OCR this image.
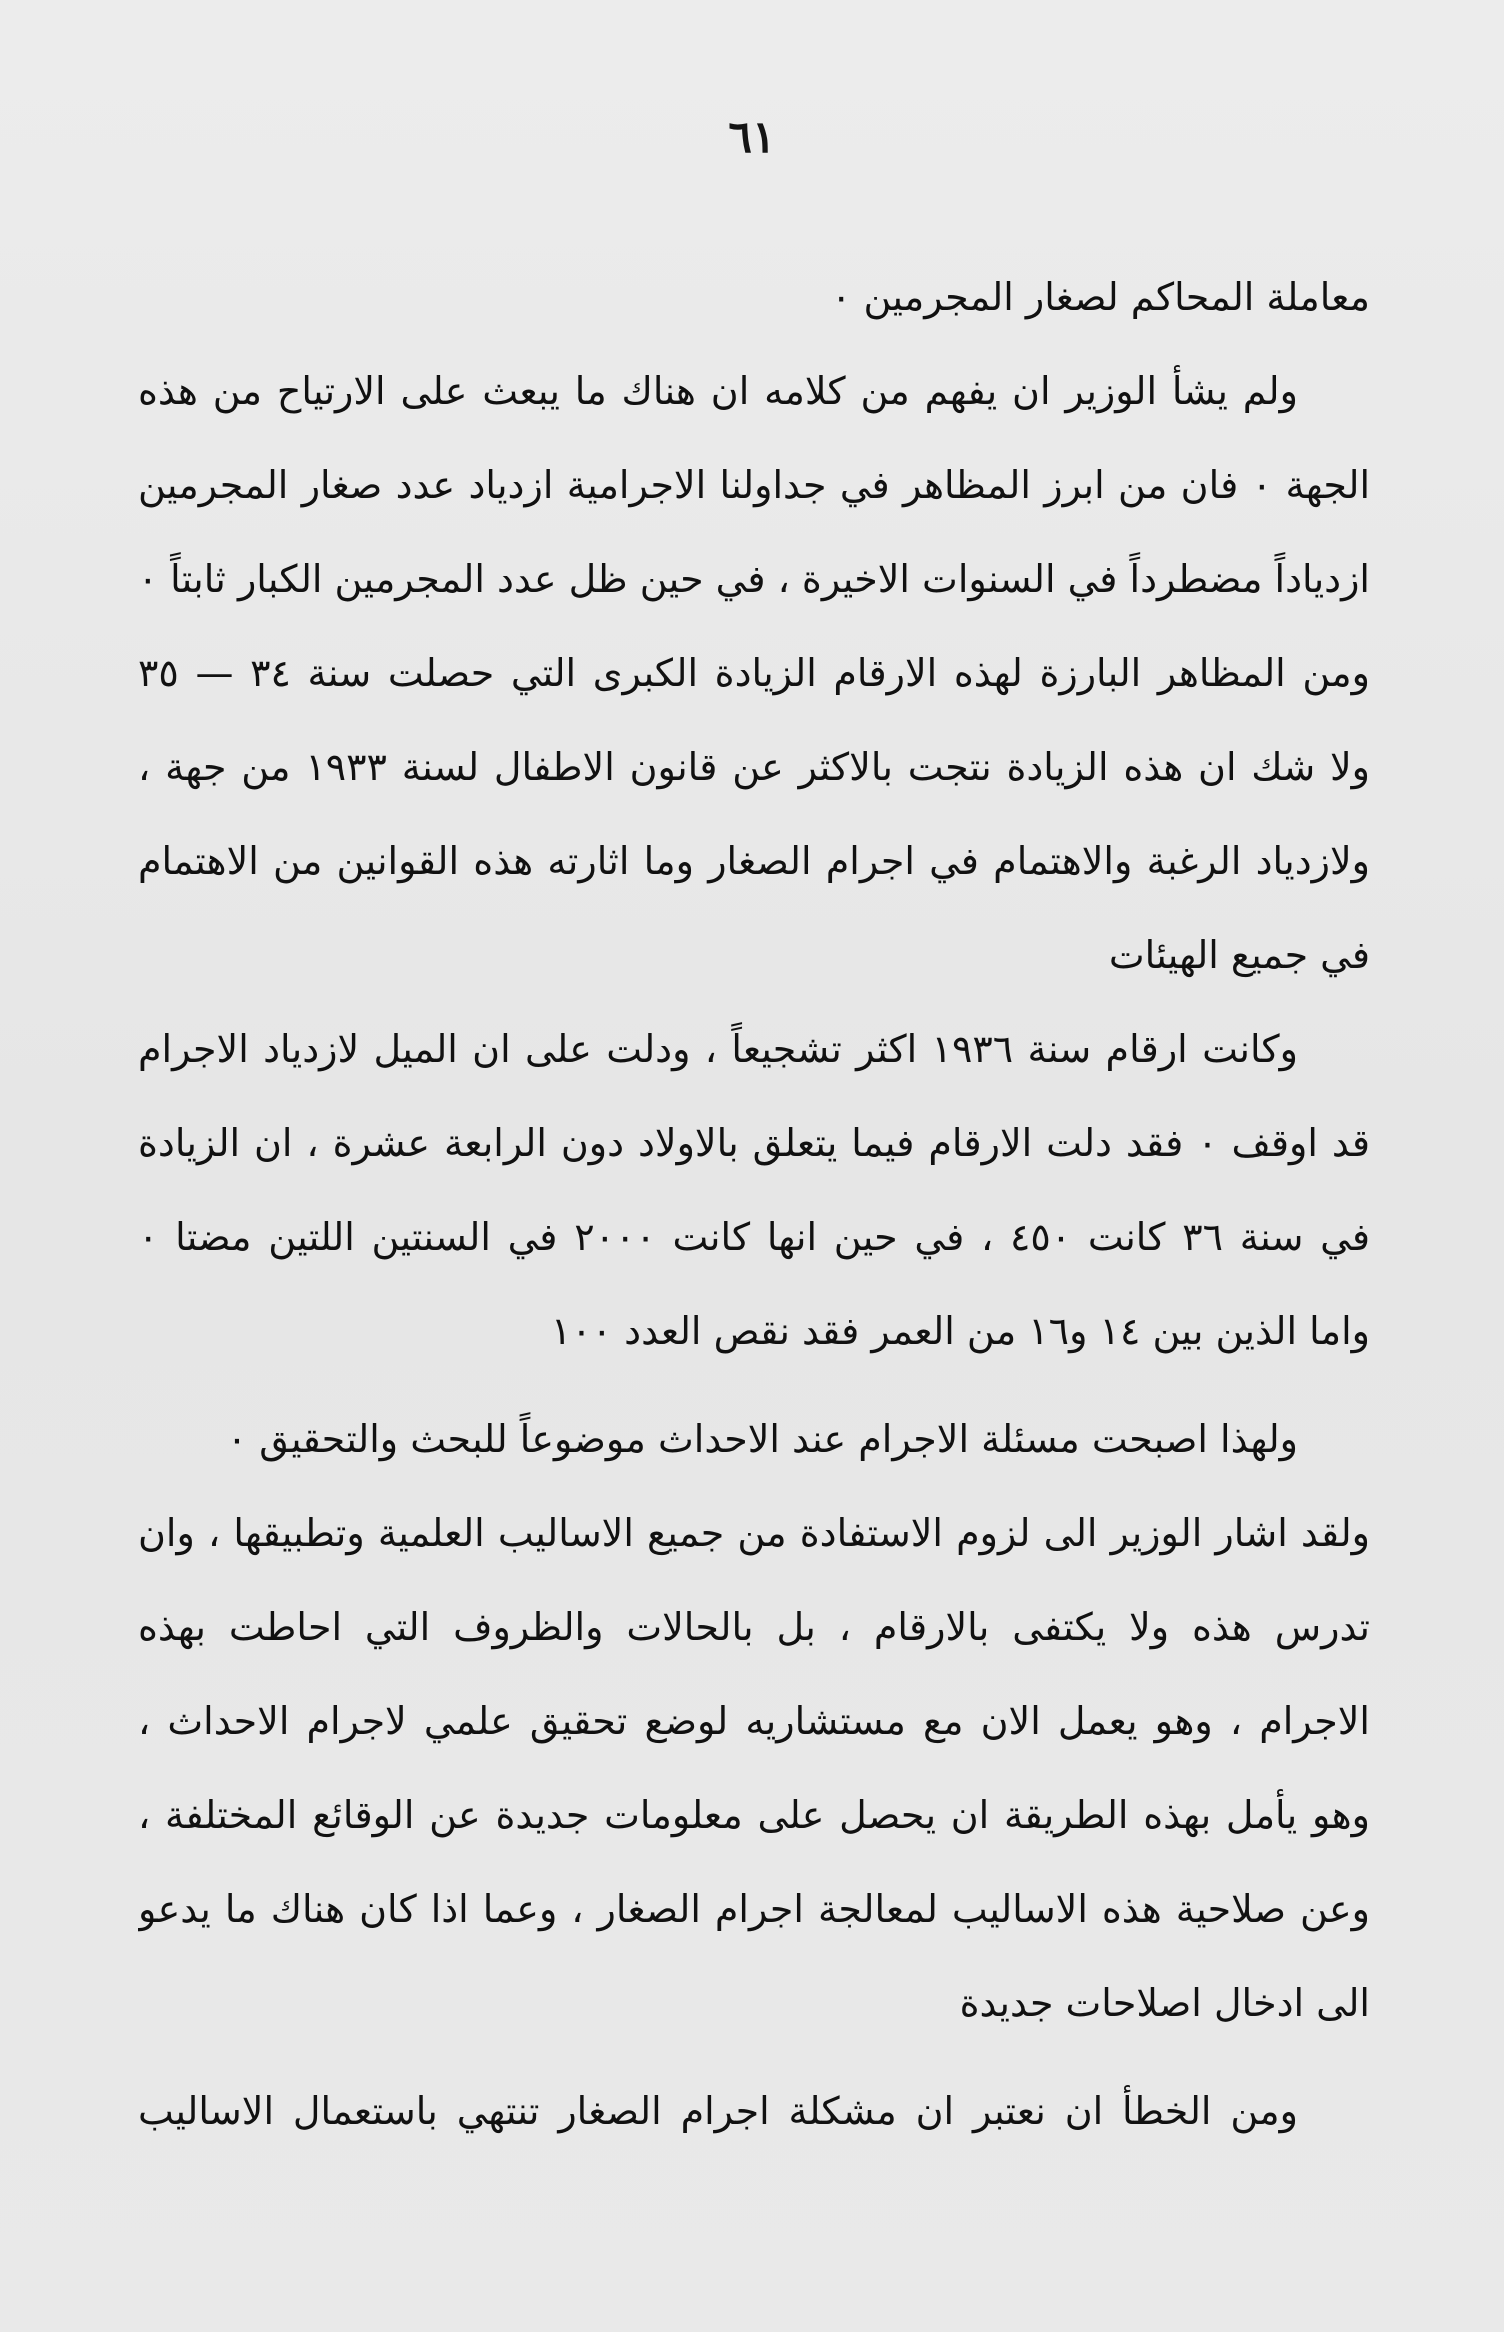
٦١
معاملة المحاكم لصغار المجرمين ٠
ولم يشأ الوزير ان يفهم من كلامه ان هناك ما يبعث على الارتياح من هذه
الجهة ٠ فان من ابرز المظاهر في جداولنا الاجرامية ازدياد عدد صغار المجرمين
ازدياداً مضطرداً في السنوات الاخيرة ، في حين ظل عدد المجرمين الكبار ثابتاً ٠
ومن المظاهر البارزة لهذه الارقام الزيادة الكبرى التي حصلت سنة ٣٤ — ٣٥
ولا شك ان هذه الزيادة نتجت بالاكثر عن قانون الاطفال لسنة ١٩٣٣ من جهة ،
ولازدياد الرغبة والاهتمام في اجرام الصغار وما اثارته هذه القوانين من الاهتمام
في جميع الهيئات
وكانت ارقام سنة ١٩٣٦ اكثر تشجيعاً ، ودلت على ان الميل لازدياد الاجرام
قد اوقف ٠ فقد دلت الارقام فيما يتعلق بالاولاد دون الرابعة عشرة ، ان الزيادة
في سنة ٣٦ كانت ٤٥٠ ، في حين انها كانت ٢٠٠٠ في السنتين اللتين مضتا ٠
واما الذين بين ١٤ و١٦ من العمر فقد نقص العدد ١٠٠
ولهذا اصبحت مسئلة الاجرام عند الاحداث موضوعاً للبحث والتحقيق ٠
ولقد اشار الوزير الى لزوم الاستفادة من جميع الاساليب العلمية وتطبيقها ، وان
تدرس هذه ولا يكتفى بالارقام ، بل بالحالات والظروف التي احاطت بهذه
الاجرام ، وهو يعمل الان مع مستشاريه لوضع تحقيق علمي لاجرام الاحداث ،
وهو يأمل بهذه الطريقة ان يحصل على معلومات جديدة عن الوقائع المختلفة ،
وعن صلاحية هذه الاساليب لمعالجة اجرام الصغار ، وعما اذا كان هناك ما يدعو
الى ادخال اصلاحات جديدة
ومن الخطأ ان نعتبر ان مشكلة اجرام الصغار تنتهي باستعمال الاساليب
